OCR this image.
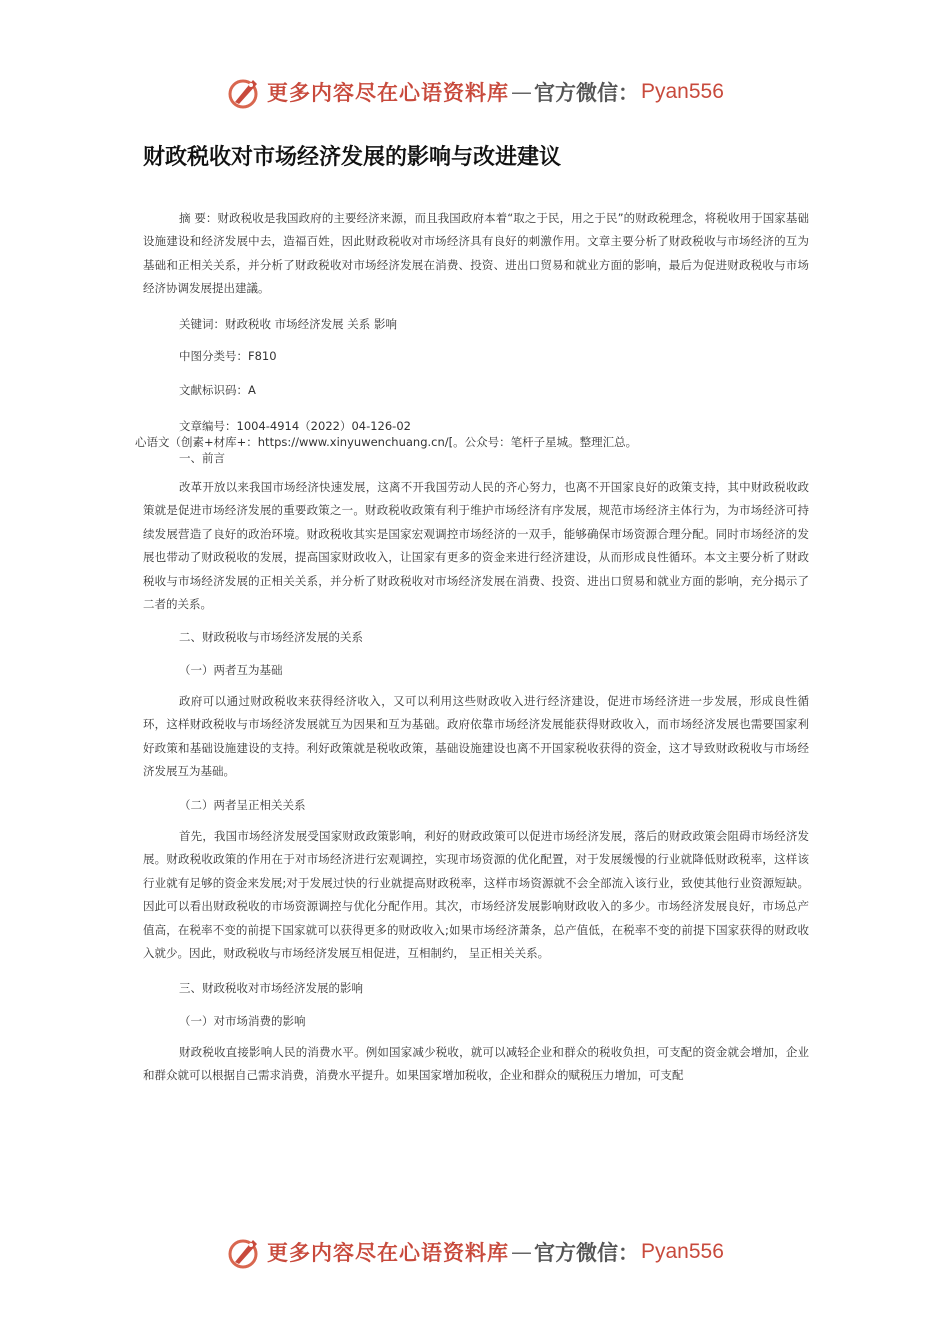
更多内容尽在心语资料库 — 官方微信： Pyan556
财政税收对市场经济发展的影响与改进建议

摘 要：财政税收是我国政府的主要经济来源，而且我国政府本着“取之于民，用之于民”的财政税理念，将税收用于国家基础设施建设和经济发展中去，造福百姓，因此财政税收对市场经济具有良好的刺激作用。文章主要分析了财政税收与市场经济的互为基础和正相关关系，并分析了财政税收对市场经济发展在消费、投资、进出口贸易和就业方面的影响，最后为促进财政税收与市场经济协调发展提出建議。

关键词：财政税收 市场经济发展 关系 影响
中图分类号：F810
文献标识码：A
文章编号：1004-4914（2022）04-126-02
心语文（创素+材库+：https://www.xinyuwenchuang.cn/[。公众号：笔杆子星城。整理汇总。
一、前言

改革开放以来我国市场经济快速发展，这离不开我国劳动人民的齐心努力，也离不开国家良好的政策支持，其中财政税收政策就是促进市场经济发展的重要政策之一。财政税收政策有利于维护市场经济有序发展，规范市场经济主体行为，为市场经济可持续发展营造了良好的政治环境。财政税收其实是国家宏观调控市场经济的一双手，能够确保市场资源合理分配。同时市场经济的发展也带动了财政税收的发展，提高国家财政收入，让国家有更多的资金来进行经济建设，从而形成良性循环。本文主要分析了财政税收与市场经济发展的正相关关系，并分析了财政税收对市场经济发展在消费、投资、进出口贸易和就业方面的影响，充分揭示了二者的关系。

二、财政税收与市场经济发展的关系
（一）两者互为基础

政府可以通过财政税收来获得经济收入，又可以利用这些财政收入进行经济建设，促进市场经济进一步发展，形成良性循环，这样财政税收与市场经济发展就互为因果和互为基础。政府依靠市场经济发展能获得财政收入，而市场经济发展也需要国家利好政策和基础设施建设的支持。利好政策就是税收政策，基础设施建设也离不开国家税收获得的资金，这才导致财政税收与市场经济发展互为基础。

（二）两者呈正相关关系

首先，我国市场经济发展受国家财政政策影响，利好的财政政策可以促进市场经济发展，落后的财政政策会阻碍市场经济发展。财政税收政策的作用在于对市场经济进行宏观调控，实现市场资源的优化配置，对于发展缓慢的行业就降低财政税率，这样该行业就有足够的资金来发展;对于发展过快的行业就提高财政税率，这样市场资源就不会全部流入该行业，致使其他行业资源短缺。因此可以看出财政税收的市场资源调控与优化分配作用。其次，市场经济发展影响财政收入的多少。市场经济发展良好，市场总产值高，在税率不变的前提下国家就可以获得更多的财政收入;如果市场经济萧条，总产值低，在税率不变的前提下国家获得的财政收入就少。因此，财政税收与市场经济发展互相促进，互相制约， 呈正相关关系。

三、财政税收对市场经济发展的影响
（一）对市场消费的影响

财政税收直接影响人民的消费水平。例如国家减少税收，就可以减轻企业和群众的税收负担，可支配的资金就会增加，企业和群众就可以根据自己需求消费，消费水平提升。如果国家增加税收，企业和群众的赋税压力增加，可支配

更多内容尽在心语资料库 — 官方微信： Pyan556
